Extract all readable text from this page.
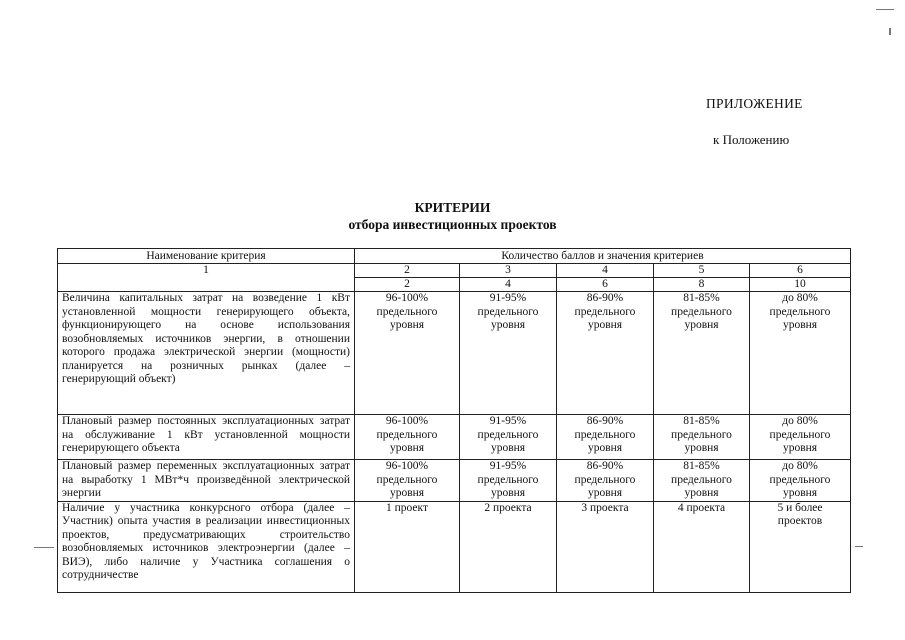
ПРИЛОЖЕНИЕ
к Положению
КРИТЕРИИ
отбора инвестиционных проектов
Наименование критерия	Количество баллов и значения критериев				
1	2	3	4	5	6
	2	4	6	8	10
Величина капитальных затрат на возведение 1 кВт установленной мощности генерирующего объекта, функционирующего на основе использования возобновляемых источников энергии, в отношении которого продажа электрической энергии (мощности) планируется на розничных рынках (далее – генерирующий объект)	96-100% предельного уровня	91-95% предельного уровня	86-90% предельного уровня	81-85% предельного уровня	до 80% предельного уровня
Плановый размер постоянных эксплуатационных затрат на обслуживание 1 кВт установленной мощности генерирующего объекта	96-100% предельного уровня	91-95% предельного уровня	86-90% предельного уровня	81-85% предельного уровня	до 80% предельного уровня
Плановый размер переменных эксплуатационных затрат на выработку 1 МВт*ч произведённой электрической энергии	96-100% предельного уровня	91-95% предельного уровня	86-90% предельного уровня	81-85% предельного уровня	до 80% предельного уровня
Наличие у участника конкурсного отбора (далее – Участник) опыта участия в реализации инвестиционных проектов, предусматривающих строительство возобновляемых источников электроэнергии (далее – ВИЭ), либо наличие у Участника соглашения о сотрудничестве	1 проект	2 проекта	3 проекта	4 проекта	5 и более проектов
